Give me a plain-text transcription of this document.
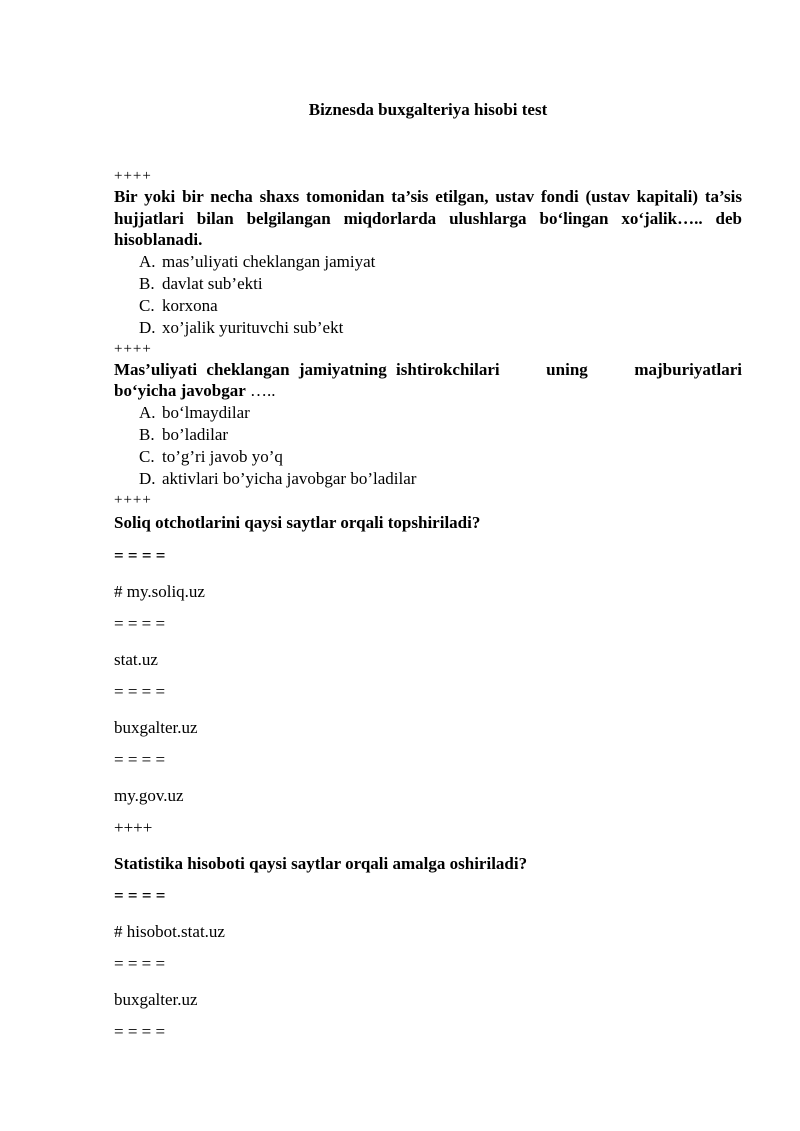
Biznesda buxgalteriya hisobi test
++++
Bir yoki bir necha shaxs tomonidan ta’sis etilgan, ustav fondi (ustav kapitali) ta’sis hujjatlari bilan belgilangan miqdorlarda ulushlarga bo‘lingan xo‘jalik….. deb hisoblanadi.
A. mas’uliyati cheklangan jamiyat
B. davlat sub’ekti
C. korxona
D. xo’jalik yurituvchi sub’ekt
++++
Mas’uliyati cheklangan jamiyatning ishtirokchilari     uning     majburiyatlari bo‘yicha javobgar …..
A. bo‘lmaydilar
B. bo’ladilar
C. to’g’ri javob yo’q
D. aktivlari bo’yicha javobgar bo’ladilar
++++
Soliq otchotlarini qaysi saytlar orqali topshiriladi?
= = = =
# my.soliq.uz
= = = =
stat.uz
= = = =
buxgalter.uz
= = = =
my.gov.uz
++++
Statistika hisoboti qaysi saytlar orqali amalga oshiriladi?
= = = =
# hisobot.stat.uz
= = = =
buxgalter.uz
= = = =
